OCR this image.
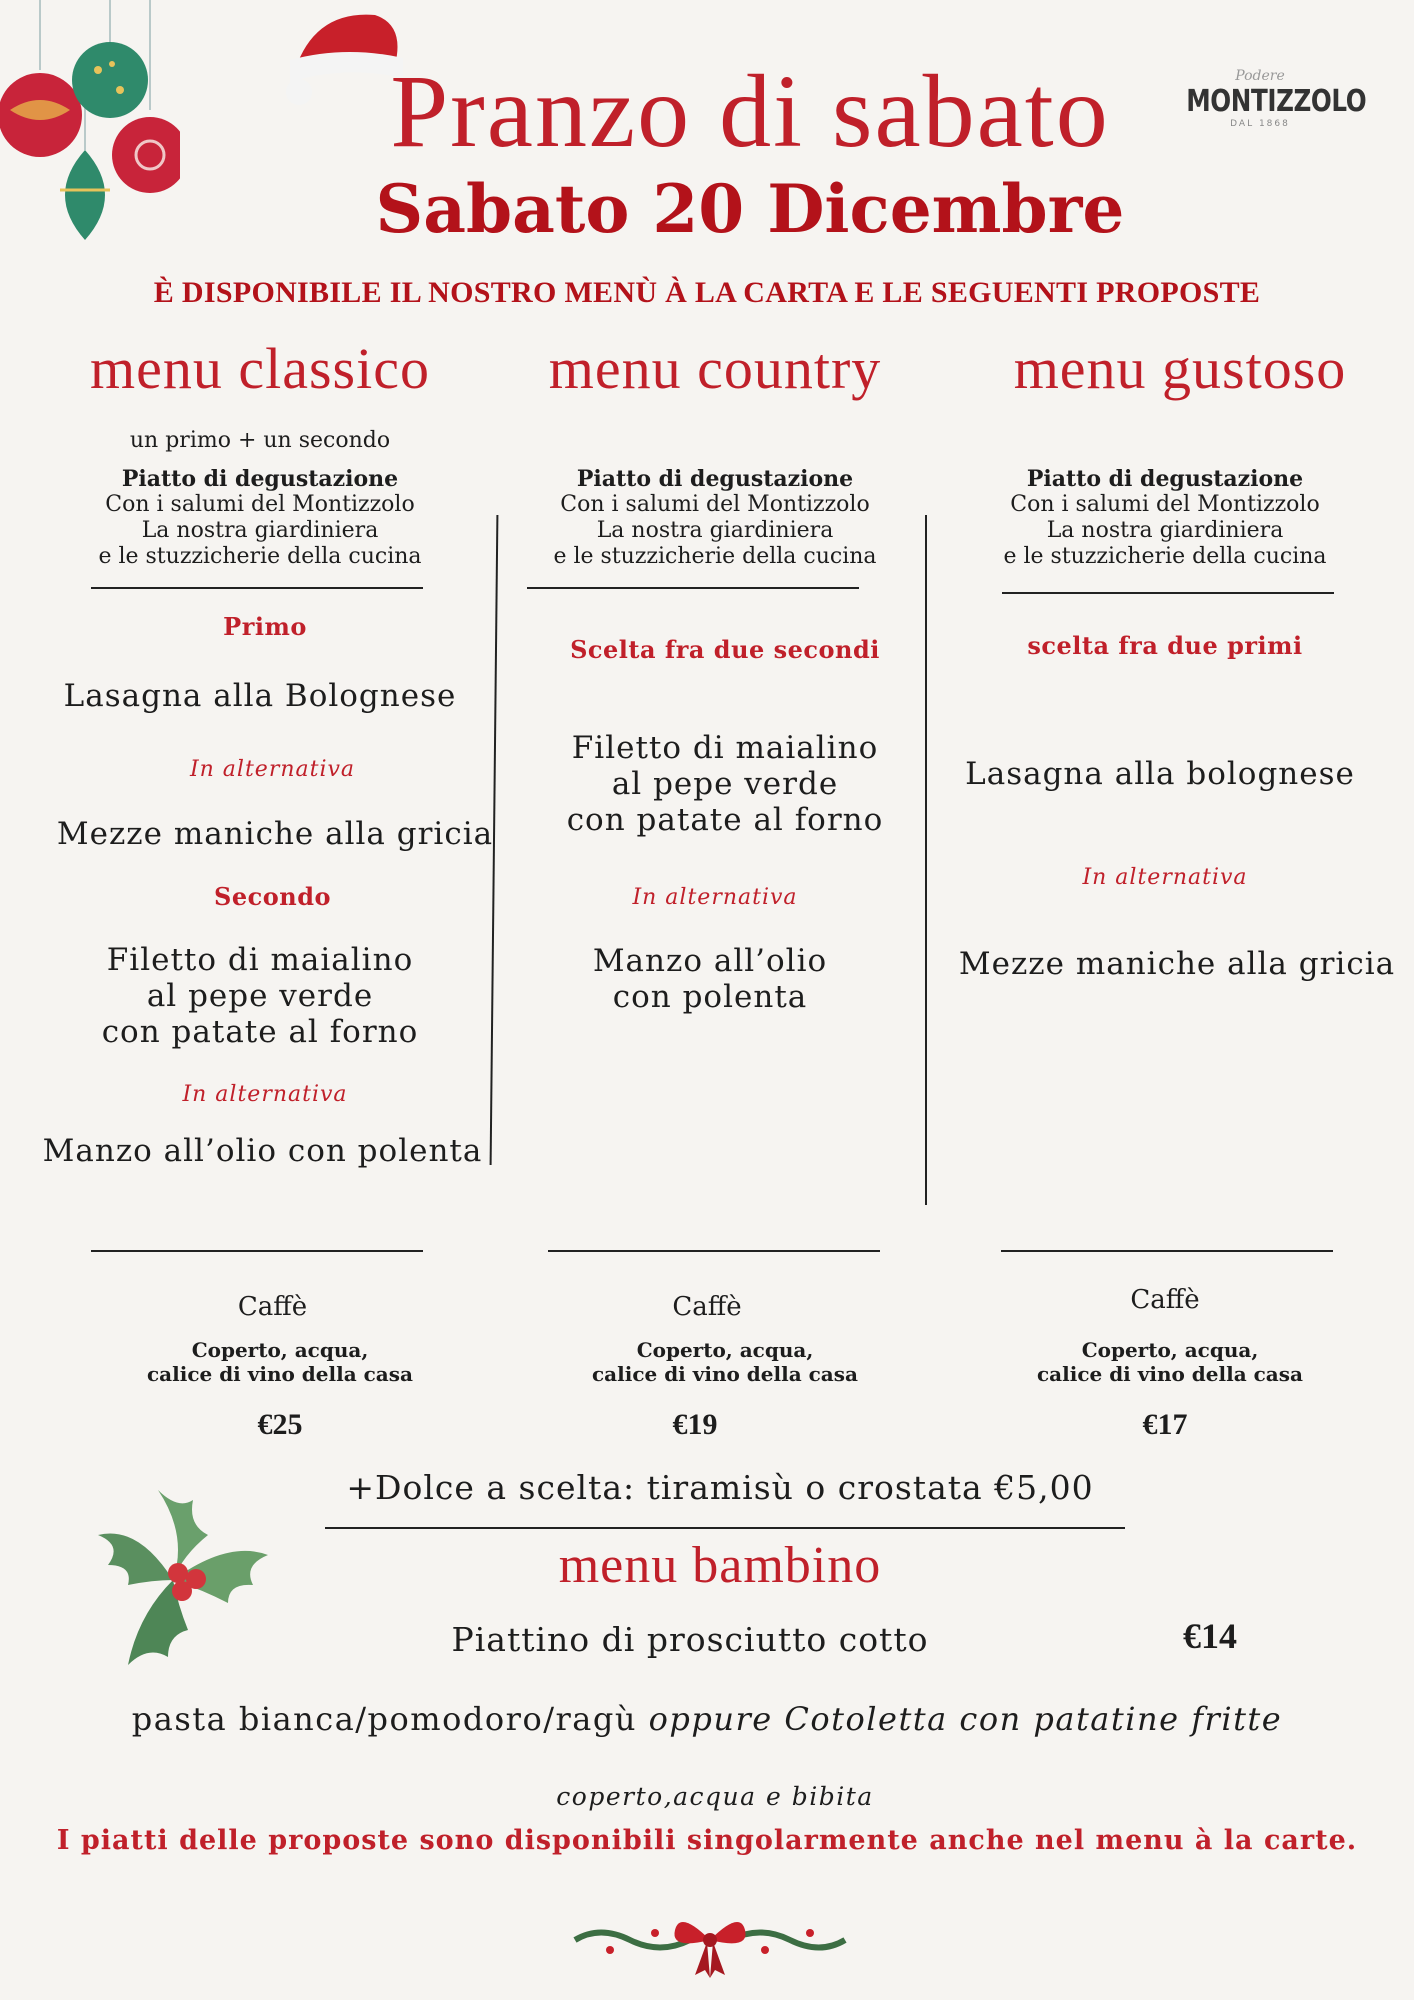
Podere
MONTIZZOLO
DAL 1868
Pranzo di sabato
Sabato 20 Dicembre
È DISPONIBILE IL NOSTRO MENÙ À LA CARTA E LE SEGUENTI PROPOSTE
menu classico	menu country	menu gustoso
un primo + un secondo
Piatto di degustazione
Con i salumi del Montizzolo
La nostra giardiniera
e le stuzzicherie della cucina
Primo
Lasagna alla Bolognese
In alternativa
Mezze maniche alla gricia
Secondo
Filetto di maialino
al pepe verde
con patate al forno
In alternativa
Manzo all’olio con polenta
Caffè
Coperto, acqua,
calice di vino della casa
€25
Piatto di degustazione
Con i salumi del Montizzolo
La nostra giardiniera
e le stuzzicherie della cucina
Scelta fra due secondi
Filetto di maialino
al pepe verde
con patate al forno
In alternativa
Manzo all’olio
con polenta
Caffè
Coperto, acqua,
calice di vino della casa
€19
Piatto di degustazione
Con i salumi del Montizzolo
La nostra giardiniera
e le stuzzicherie della cucina
scelta fra due primi
Lasagna alla bolognese
In alternativa
Mezze maniche alla gricia
Caffè
Coperto, acqua,
calice di vino della casa
€17
+Dolce a scelta: tiramisù o crostata €5,00
menu bambino
Piattino di prosciutto cotto	€14
pasta bianca/pomodoro/ragù oppure Cotoletta con patatine fritte
coperto,acqua e bibita
I piatti delle proposte sono disponibili singolarmente anche nel menu à la carte.
